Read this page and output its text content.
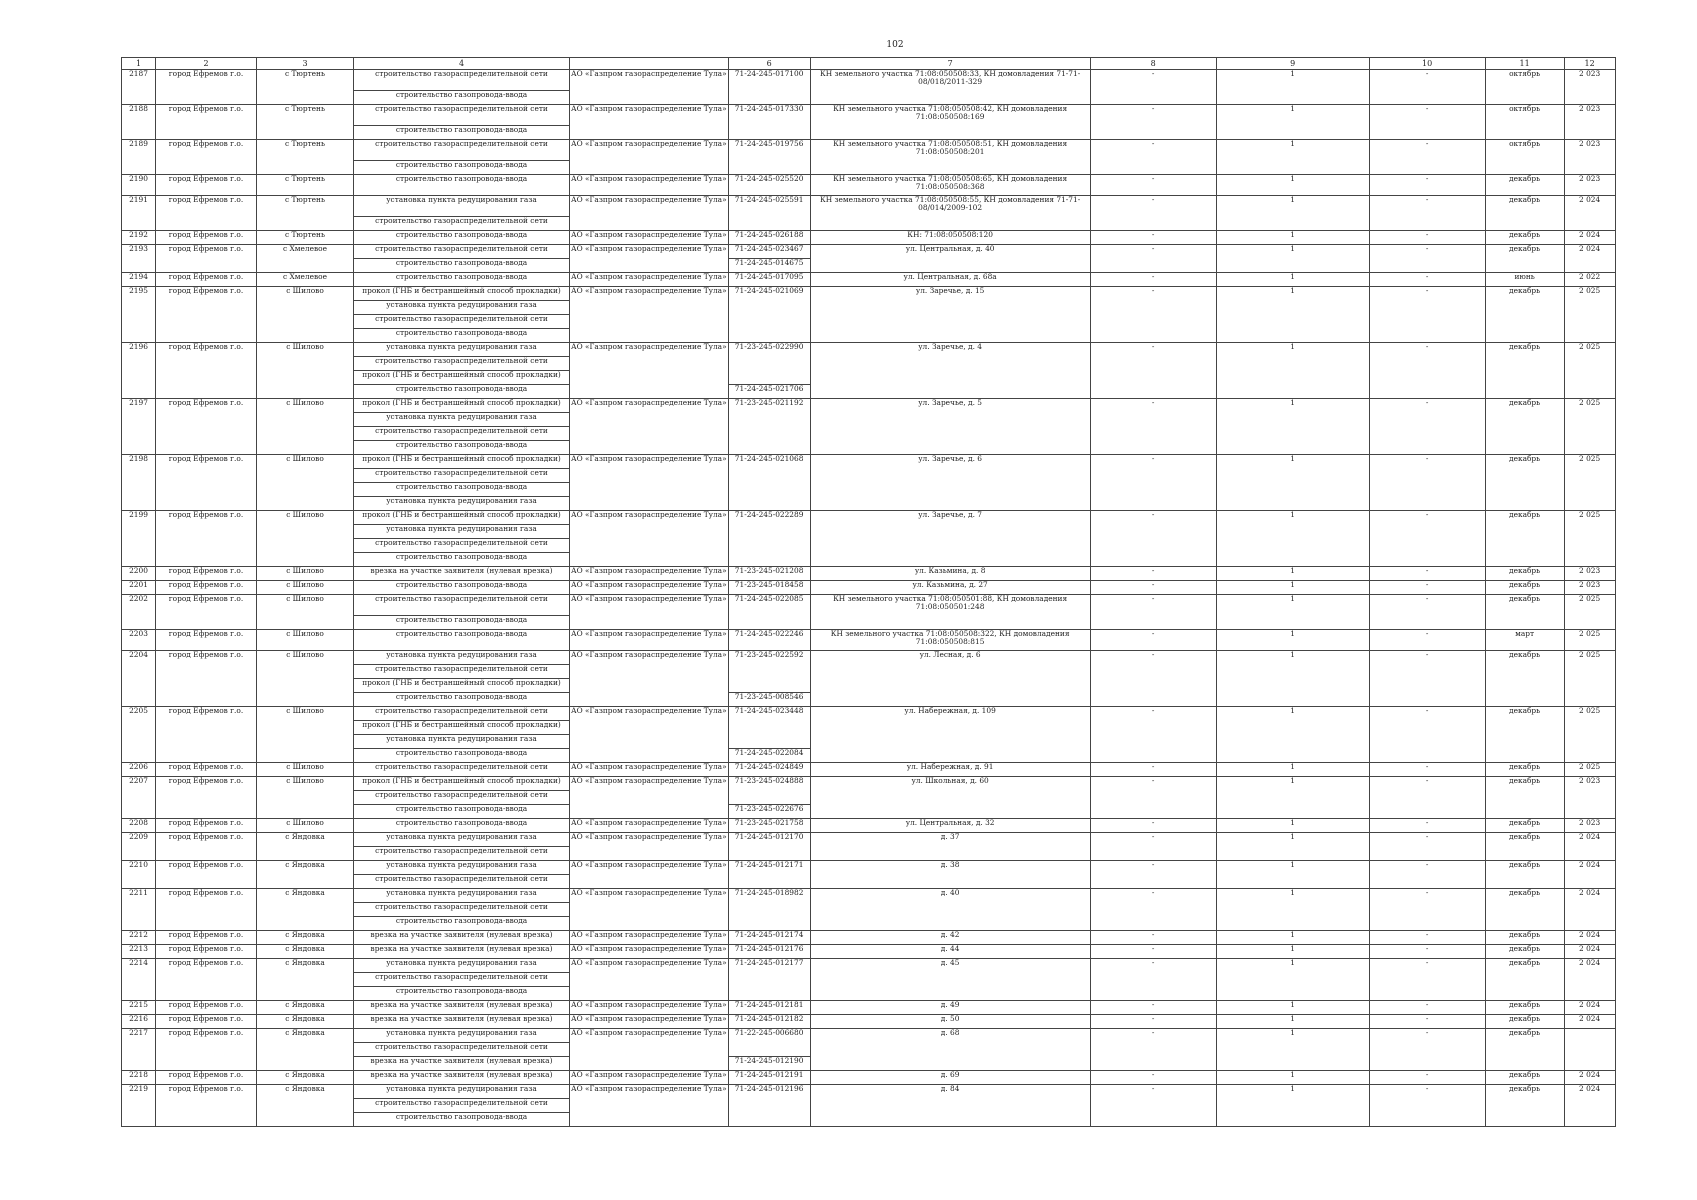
102
1	2	3	4		6	7	8	9	10	11	12
2187	город Ефремов г.о.	с Тюртень	строительство газораспределительной сети	АО «Газпром газораспределение Тула»	71-24-245-017100	КН земельного участка 71:08:050508:33, КН домовладения 71-71-08/018/2011-329	-	1	-	октябрь	2 023
			строительство газопровода-ввода								
2188	город Ефремов г.о.	с Тюртень	строительство газораспределительной сети	АО «Газпром газораспределение Тула»	71-24-245-017330	КН земельного участка 71:08:050508:42, КН домовладения 71:08:050508:169	-	1	-	октябрь	2 023
			строительство газопровода-ввода								
2189	город Ефремов г.о.	с Тюртень	строительство газораспределительной сети	АО «Газпром газораспределение Тула»	71-24-245-019756	КН земельного участка 71:08:050508:51, КН домовладения 71:08:050508:201	-	1	-	октябрь	2 023
			строительство газопровода-ввода								
2190	город Ефремов г.о.	с Тюртень	строительство газопровода-ввода	АО «Газпром газораспределение Тула»	71-24-245-025520	КН земельного участка 71:08:050508:65, КН домовладения 71:08:050508:368	-	1	-	декабрь	2 023
2191	город Ефремов г.о.	с Тюртень	установка пункта редуцирования газа	АО «Газпром газораспределение Тула»	71-24-245-025591	КН земельного участка 71:08:050508:55, КН домовладения 71-71-08/014/2009-102	-	1	-	декабрь	2 024
			строительство газораспределительной сети								
2192	город Ефремов г.о.	с Тюртень	строительство газопровода-ввода	АО «Газпром газораспределение Тула»	71-24-245-026188	КН: 71:08:050508:120	-	1	-	декабрь	2 024
2193	город Ефремов г.о.	с Хмелевое	строительство газораспределительной сети	АО «Газпром газораспределение Тула»	71-24-245-023467	ул. Центральная, д. 40	-	1	-	декабрь	2 024
			строительство газопровода-ввода		71-24-245-014675						
2194	город Ефремов г.о.	с Хмелевое	строительство газопровода-ввода	АО «Газпром газораспределение Тула»	71-24-245-017095	ул. Центральная, д. 68а	-	1	-	июнь	2 022
2195	город Ефремов г.о.	с Шилово	прокол (ГНБ и бестраншейный способ прокладки)	АО «Газпром газораспределение Тула»	71-24-245-021069	ул. Заречье, д. 15	-	1	-	декабрь	2 025
			установка пункта редуцирования газа								
			строительство газораспределительной сети								
			строительство газопровода-ввода								
2196	город Ефремов г.о.	с Шилово	установка пункта редуцирования газа	АО «Газпром газораспределение Тула»	71-23-245-022990	ул. Заречье, д. 4	-	1	-	декабрь	2 025
			строительство газораспределительной сети								
			прокол (ГНБ и бестраншейный способ прокладки)								
			строительство газопровода-ввода		71-24-245-021706						
2197	город Ефремов г.о.	с Шилово	прокол (ГНБ и бестраншейный способ прокладки)	АО «Газпром газораспределение Тула»	71-23-245-021192	ул. Заречье, д. 5	-	1	-	декабрь	2 025
			установка пункта редуцирования газа								
			строительство газораспределительной сети								
			строительство газопровода-ввода								
2198	город Ефремов г.о.	с Шилово	прокол (ГНБ и бестраншейный способ прокладки)	АО «Газпром газораспределение Тула»	71-24-245-021068	ул. Заречье, д. 6	-	1	-	декабрь	2 025
			строительство газораспределительной сети								
			строительство газопровода-ввода								
			установка пункта редуцирования газа								
2199	город Ефремов г.о.	с Шилово	прокол (ГНБ и бестраншейный способ прокладки)	АО «Газпром газораспределение Тула»	71-24-245-022289	ул. Заречье, д. 7	-	1	-	декабрь	2 025
			установка пункта редуцирования газа								
			строительство газораспределительной сети								
			строительство газопровода-ввода								
2200	город Ефремов г.о.	с Шилово	врезка на участке заявителя (нулевая врезка)	АО «Газпром газораспределение Тула»	71-23-245-021208	ул. Казьмина, д. 8	-	1	-	декабрь	2 023
2201	город Ефремов г.о.	с Шилово	строительство газопровода-ввода	АО «Газпром газораспределение Тула»	71-23-245-018458	ул. Казьмина, д. 27	-	1	-	декабрь	2 023
2202	город Ефремов г.о.	с Шилово	строительство газораспределительной сети	АО «Газпром газораспределение Тула»	71-24-245-022085	КН земельного участка 71:08:050501:88, КН домовладения 71:08:050501:248	-	1	-	декабрь	2 025
			строительство газопровода-ввода								
2203	город Ефремов г.о.	с Шилово	строительство газопровода-ввода	АО «Газпром газораспределение Тула»	71-24-245-022246	КН земельного участка 71:08:050508:322, КН домовладения 71:08:050508:815	-	1	-	март	2 025
2204	город Ефремов г.о.	с Шилово	установка пункта редуцирования газа	АО «Газпром газораспределение Тула»	71-23-245-022592	ул. Лесная, д. 6	-	1	-	декабрь	2 025
			строительство газораспределительной сети								
			прокол (ГНБ и бестраншейный способ прокладки)								
			строительство газопровода-ввода		71-23-245-008546						
2205	город Ефремов г.о.	с Шилово	строительство газораспределительной сети	АО «Газпром газораспределение Тула»	71-24-245-023448	ул. Набережная, д. 109	-	1	-	декабрь	2 025
			прокол (ГНБ и бестраншейный способ прокладки)								
			установка пункта редуцирования газа								
			строительство газопровода-ввода		71-24-245-022084						
2206	город Ефремов г.о.	с Шилово	строительство газораспределительной сети	АО «Газпром газораспределение Тула»	71-24-245-024849	ул. Набережная, д. 91	-	1	-	декабрь	2 025
2207	город Ефремов г.о.	с Шилово	прокол (ГНБ и бестраншейный способ прокладки)	АО «Газпром газораспределение Тула»	71-23-245-024888	ул. Школьная, д. 60	-	1	-	декабрь	2 023
			строительство газораспределительной сети								
			строительство газопровода-ввода		71-23-245-022676						
2208	город Ефремов г.о.	с Шилово	строительство газопровода-ввода	АО «Газпром газораспределение Тула»	71-23-245-021758	ул. Центральная, д. 32	-	1	-	декабрь	2 023
2209	город Ефремов г.о.	с Яндовка	установка пункта редуцирования газа	АО «Газпром газораспределение Тула»	71-24-245-012170	д. 37	-	1	-	декабрь	2 024
			строительство газораспределительной сети								
2210	город Ефремов г.о.	с Яндовка	установка пункта редуцирования газа	АО «Газпром газораспределение Тула»	71-24-245-012171	д. 38	-	1	-	декабрь	2 024
			строительство газораспределительной сети								
2211	город Ефремов г.о.	с Яндовка	установка пункта редуцирования газа	АО «Газпром газораспределение Тула»	71-24-245-018982	д. 40	-	1	-	декабрь	2 024
			строительство газораспределительной сети								
			строительство газопровода-ввода								
2212	город Ефремов г.о.	с Яндовка	врезка на участке заявителя (нулевая врезка)	АО «Газпром газораспределение Тула»	71-24-245-012174	д. 42	-	1	-	декабрь	2 024
2213	город Ефремов г.о.	с Яндовка	врезка на участке заявителя (нулевая врезка)	АО «Газпром газораспределение Тула»	71-24-245-012176	д. 44	-	1	-	декабрь	2 024
2214	город Ефремов г.о.	с Яндовка	установка пункта редуцирования газа	АО «Газпром газораспределение Тула»	71-24-245-012177	д. 45	-	1	-	декабрь	2 024
			строительство газораспределительной сети								
			строительство газопровода-ввода								
2215	город Ефремов г.о.	с Яндовка	врезка на участке заявителя (нулевая врезка)	АО «Газпром газораспределение Тула»	71-24-245-012181	д. 49	-	1	-	декабрь	2 024
2216	город Ефремов г.о.	с Яндовка	врезка на участке заявителя (нулевая врезка)	АО «Газпром газораспределение Тула»	71-24-245-012182	д. 50	-	1	-	декабрь	2 024
2217	город Ефремов г.о.	с Яндовка	установка пункта редуцирования газа	АО «Газпром газораспределение Тула»	71-22-245-006680	д. 68	-	1	-	декабрь	
			строительство газораспределительной сети								
			врезка на участке заявителя (нулевая врезка)		71-24-245-012190						
2218	город Ефремов г.о.	с Яндовка	врезка на участке заявителя (нулевая врезка)	АО «Газпром газораспределение Тула»	71-24-245-012191	д. 69	-	1	-	декабрь	2 024
2219	город Ефремов г.о.	с Яндовка	установка пункта редуцирования газа	АО «Газпром газораспределение Тула»	71-24-245-012196	д. 84	-	1	-	декабрь	2 024
			строительство газораспределительной сети								
			строительство газопровода-ввода								
